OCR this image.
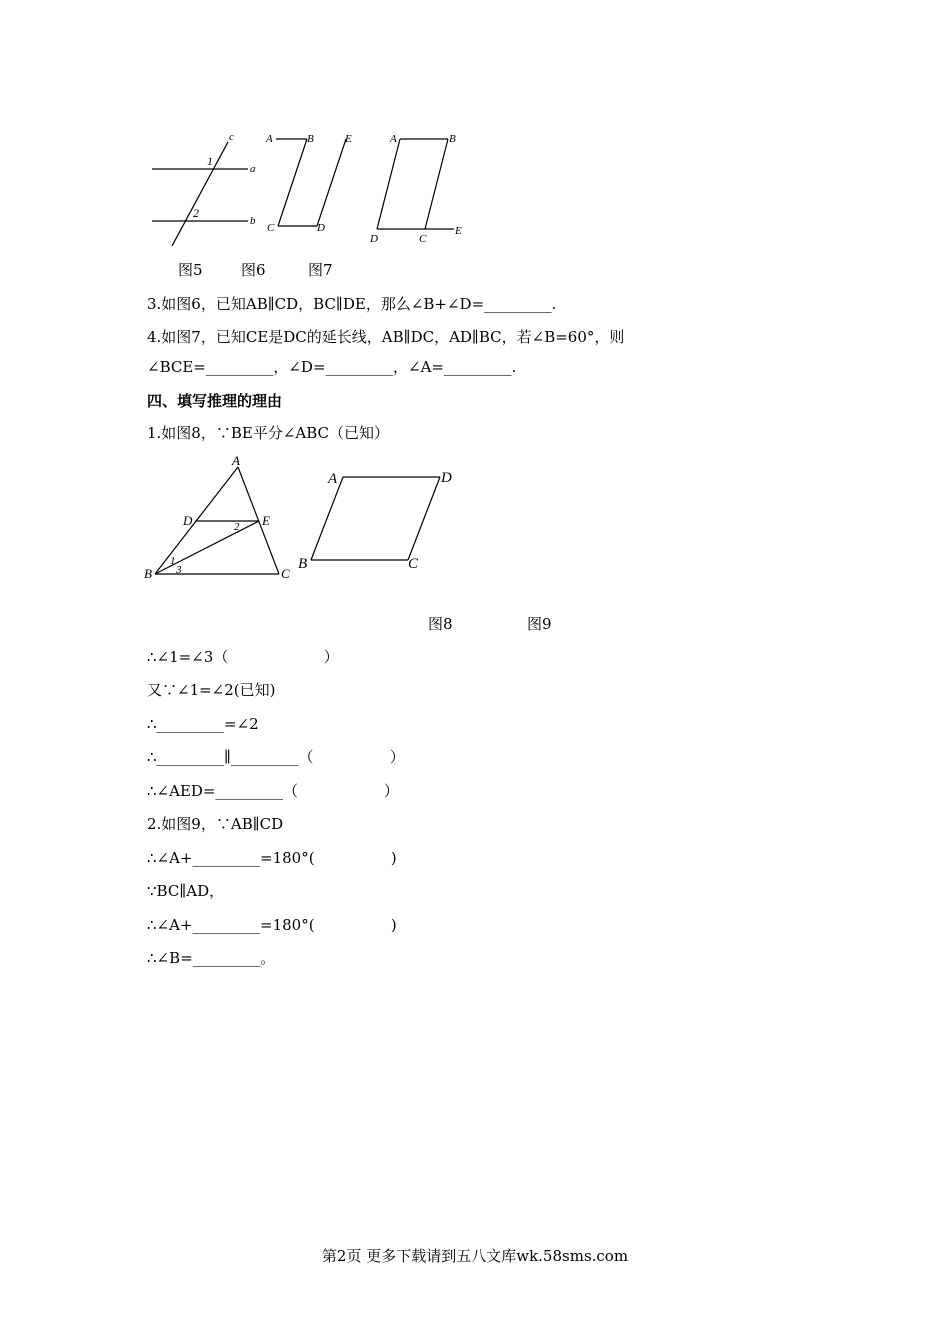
c
1
a
2
b
A	B	E
C	D
A	B
D	C
E
图5	图6	图7
3.如图6，已知AB∥CD，BC∥DE，那么∠B+∠D=_________.
4.如图7，已知CE是DC的延长线，AB∥DC，AD∥BC，若∠B=60°，则
∠BCE=_________，∠D=_________，∠A=_________.
四、填写推理的理由
1.如图8，∵BE平分∠ABC（已知）
A
D	E
2
1
3
B	C
A	D
B	C
图8	图9
∴∠1=∠3（                    ）
又∵∠1=∠2(已知)
∴_________=∠2
∴_________∥_________（                ）
∴∠AED=_________（                  ）
2.如图9，∵AB∥CD
∴∠A+_________=180°(                )
∵BC∥AD，
∴∠A+_________=180°(                )
∴∠B=_________。
第2页 更多下载请到五八文库wk.58sms.com
